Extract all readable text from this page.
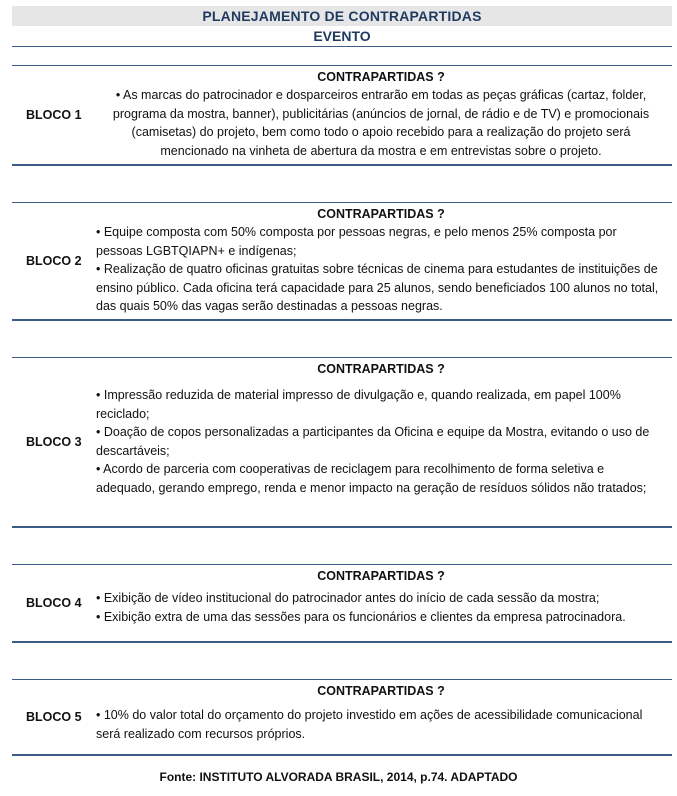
PLANEJAMENTO DE CONTRAPARTIDAS
EVENTO
BLOCO 1
CONTRAPARTIDAS ?
• As marcas do patrocinador e dosparceiros entrarão em todas as peças gráficas (cartaz, folder, programa da mostra, banner), publicitárias (anúncios de jornal, de rádio e de TV) e promocionais (camisetas) do projeto, bem como todo o apoio recebido para a realização do projeto será mencionado na vinheta de abertura da mostra e em entrevistas sobre o projeto.
BLOCO 2
CONTRAPARTIDAS ?
• Equipe composta com 50% composta por pessoas negras, e pelo menos 25% composta por pessoas LGBTQIAPN+ e indígenas;
• Realização de quatro oficinas gratuitas sobre técnicas de cinema para estudantes de instituições de ensino público. Cada oficina terá capacidade para 25 alunos, sendo beneficiados 100 alunos no total, das quais 50% das vagas serão destinadas a pessoas negras.
BLOCO 3
CONTRAPARTIDAS ?
• Impressão reduzida de material impresso de divulgação e, quando realizada, em papel 100% reciclado;
• Doação de copos personalizadas a participantes da Oficina e equipe da Mostra, evitando o uso de descartáveis;
• Acordo de parceria com cooperativas de reciclagem para recolhimento de forma seletiva e adequado, gerando emprego, renda e menor impacto na geração de resíduos sólidos não tratados;
BLOCO 4
CONTRAPARTIDAS ?
• Exibição de vídeo institucional do patrocinador antes do início de cada sessão da mostra;
• Exibição extra de uma das sessões para os funcionários e clientes da empresa patrocinadora.
BLOCO 5
CONTRAPARTIDAS ?
• 10% do valor total do orçamento do projeto investido em ações de acessibilidade comunicacional será realizado com recursos próprios.
Fonte: INSTITUTO ALVORADA BRASIL, 2014, p.74. ADAPTADO
